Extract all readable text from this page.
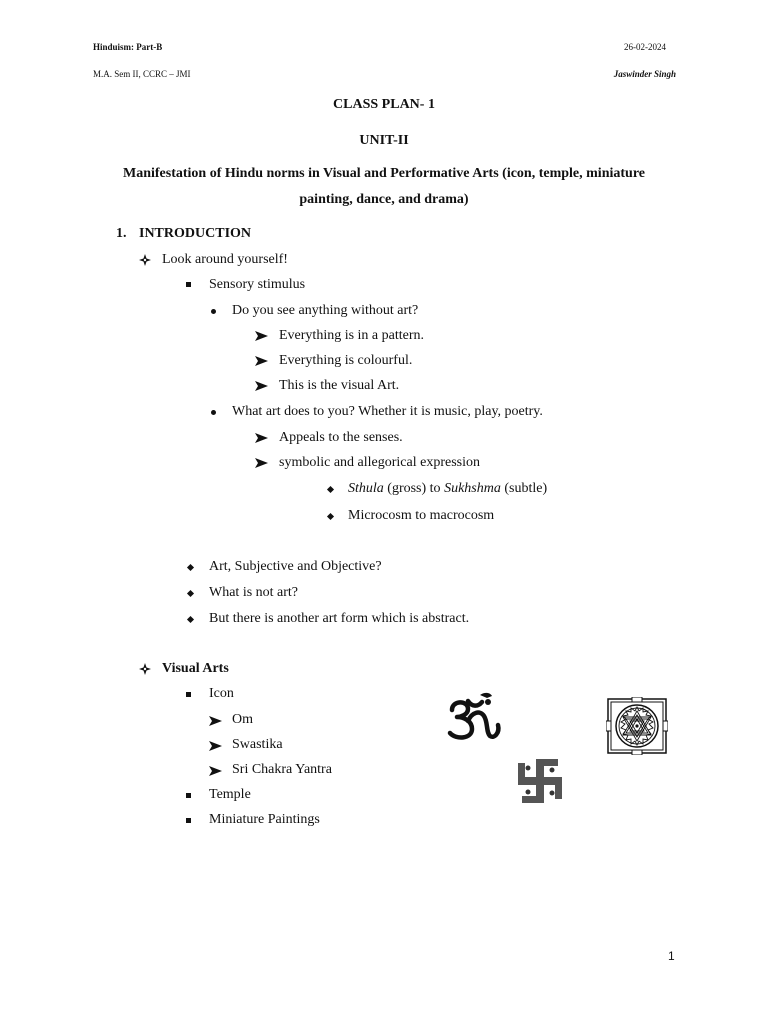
Hinduism: Part-B	26-02-2024
M.A. Sem II, CCRC – JMI	Jaswinder Singh
CLASS PLAN- 1
UNIT-II
Manifestation of Hindu norms in Visual and Performative Arts (icon, temple, miniature
painting, dance, and drama)
1. INTRODUCTION
Look around yourself!
Sensory stimulus
Do you see anything without art?
Everything is in a pattern.
Everything is colourful.
This is the visual Art.
What art does to you? Whether it is music, play, poetry.
Appeals to the senses.
symbolic and allegorical expression
Sthula (gross) to Sukhshma (subtle)
Microcosm to macrocosm
Art, Subjective and Objective?
What is not art?
But there is another art form which is abstract.
Visual Arts
Icon
Om
Swastika
Sri Chakra Yantra
Temple
Miniature Paintings
1
